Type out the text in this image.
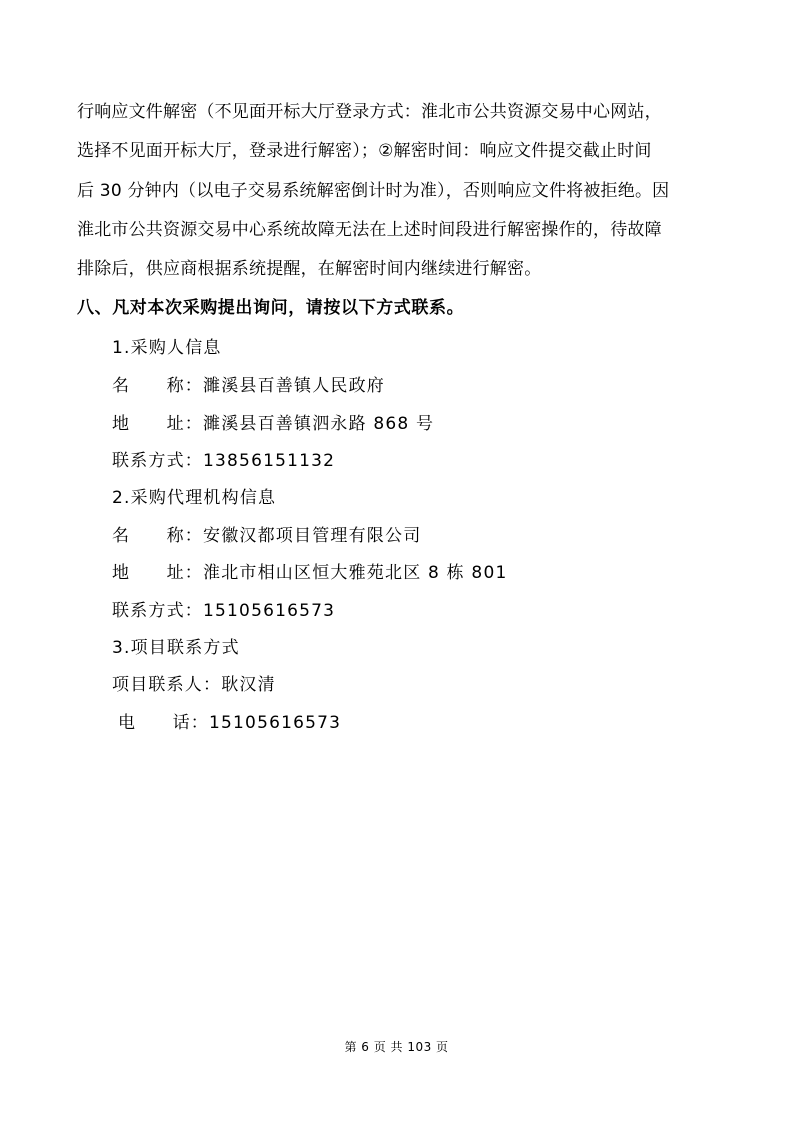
行响应文件解密（不见面开标大厅登录方式：淮北市公共资源交易中心网站，
选择不见面开标大厅，登录进行解密）；②解密时间：响应文件提交截止时间
后 30 分钟内（以电子交易系统解密倒计时为准），否则响应文件将被拒绝。因
淮北市公共资源交易中心系统故障无法在上述时间段进行解密操作的，待故障
排除后，供应商根据系统提醒，在解密时间内继续进行解密。
八、凡对本次采购提出询问，请按以下方式联系。
1.采购人信息
名　　称：濉溪县百善镇人民政府
地　　址：濉溪县百善镇泗永路 868 号
联系方式：13856151132
2.采购代理机构信息
名　　称：安徽汉都项目管理有限公司
地　　址：淮北市相山区恒大雅苑北区 8 栋 801
联系方式：15105616573
3.项目联系方式
项目联系人：耿汉清
电　　话：15105616573
第 6 页 共 103 页
